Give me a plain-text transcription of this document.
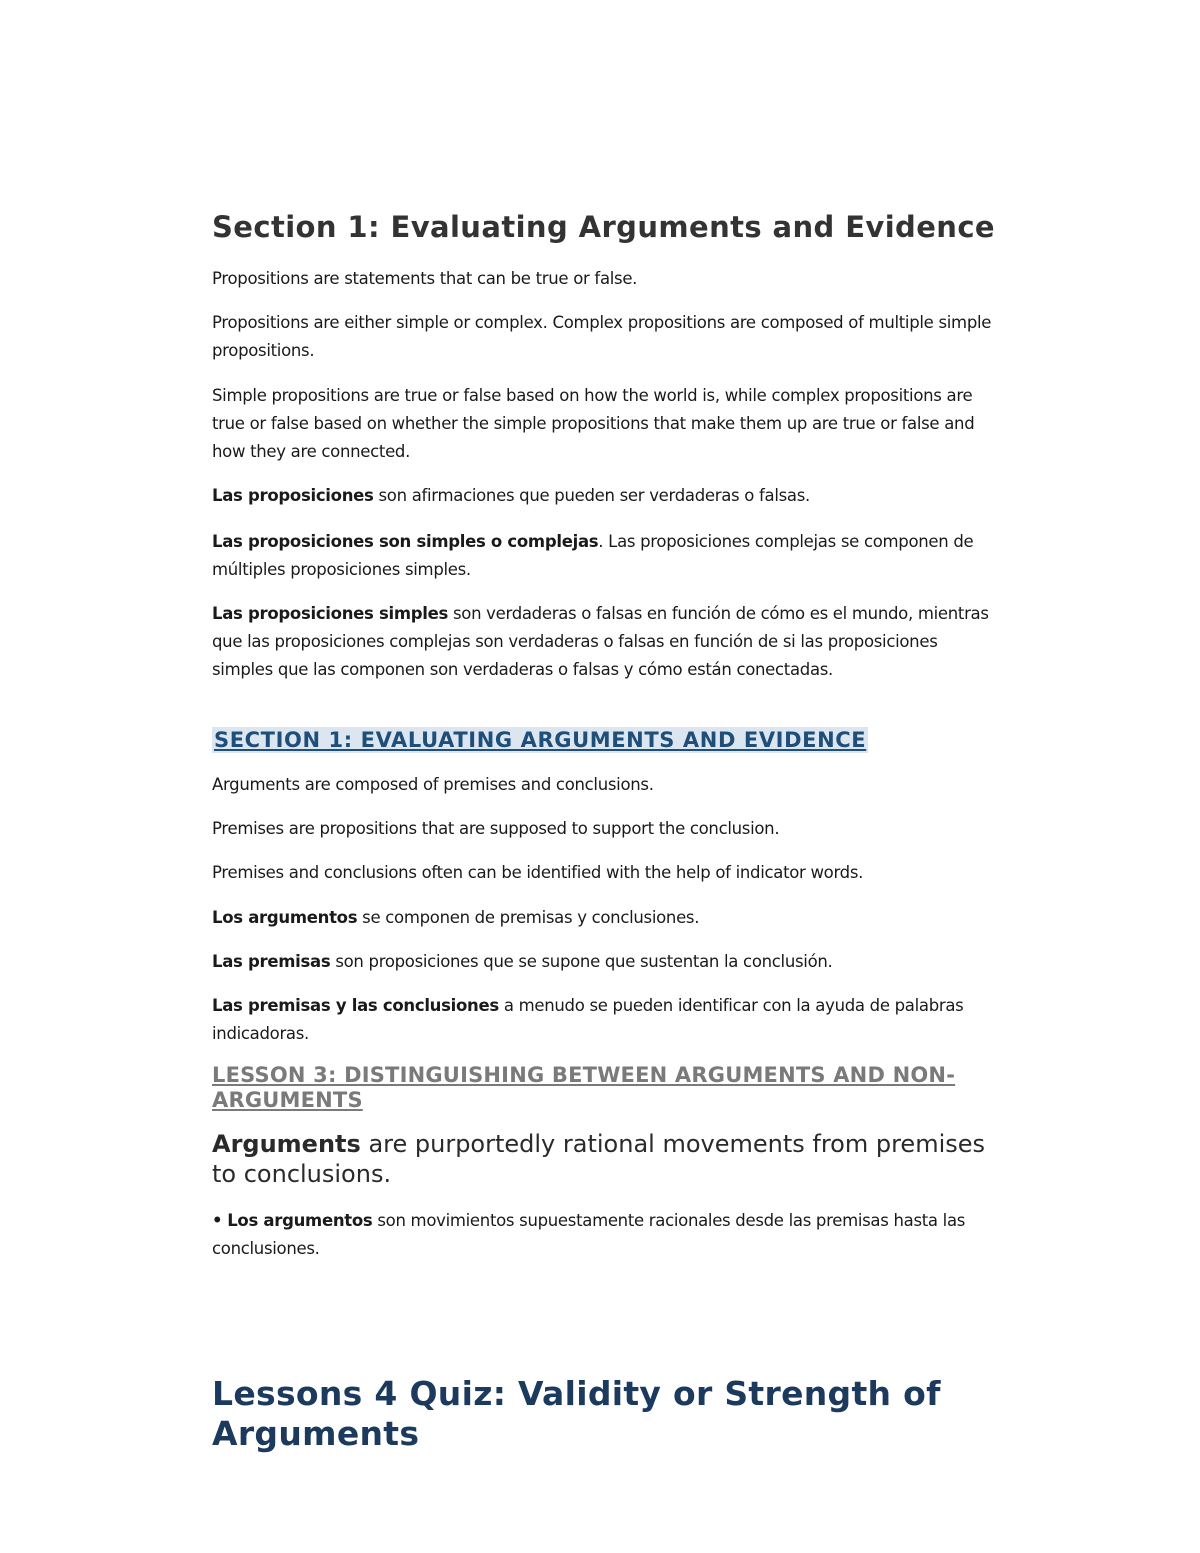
Section 1: Evaluating Arguments and Evidence

Propositions are statements that can be true or false.

Propositions are either simple or complex. Complex propositions are composed of multiple simple propositions.

Simple propositions are true or false based on how the world is, while complex propositions are true or false based on whether the simple propositions that make them up are true or false and how they are connected.

Las proposiciones son afirmaciones que pueden ser verdaderas o falsas.

Las proposiciones son simples o complejas. Las proposiciones complejas se componen de múltiples proposiciones simples.

Las proposiciones simples son verdaderas o falsas en función de cómo es el mundo, mientras que las proposiciones complejas son verdaderas o falsas en función de si las proposiciones simples que las componen son verdaderas o falsas y cómo están conectadas.

SECTION 1: EVALUATING ARGUMENTS AND EVIDENCE

Arguments are composed of premises and conclusions.

Premises are propositions that are supposed to support the conclusion.

Premises and conclusions often can be identified with the help of indicator words.

Los argumentos se componen de premisas y conclusiones.

Las premisas son proposiciones que se supone que sustentan la conclusión.

Las premisas y las conclusiones a menudo se pueden identificar con la ayuda de palabras indicadoras.

LESSON 3: DISTINGUISHING BETWEEN ARGUMENTS AND NON-ARGUMENTS

Arguments are purportedly rational movements from premises to conclusions.

• Los argumentos son movimientos supuestamente racionales desde las premisas hasta las conclusiones.

Lessons 4 Quiz: Validity or Strength of Arguments
